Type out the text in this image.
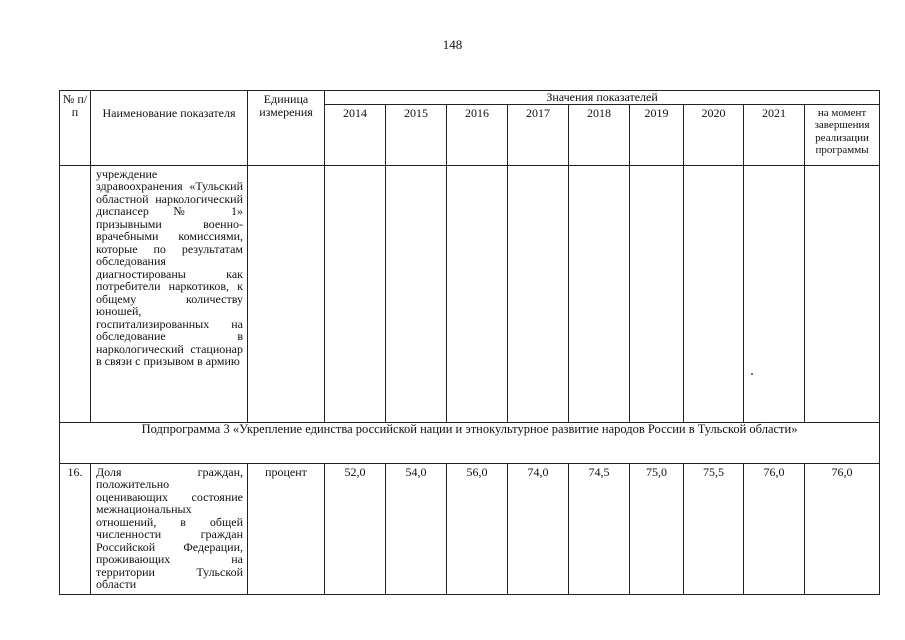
148
№ п/п	Наименование показателя	Единица измерения	Значения показателей									
			2014	2015	2016	2017	2018	2019	2020	2021	на момент завершения реализации программы	
	учреждение здравоохранения «Тульский областной наркологический диспансер № 1» призывными военно-врачебными комиссиями, которые по результатам обследования диагностированы как потребители наркотиков, к общему количеству юношей, госпитализированных на обследование в наркологический стационар в связи с призывом в армию											
Подпрограмма 3 «Укрепление единства российской нации и этнокультурное развитие народов России в Тульской области»												
16.	Доля граждан, положительно оценивающих состояние межнациональных отношений, в общей численности граждан Российской Федерации, проживающих на территории Тульской области	процент	52,0	54,0	56,0	74,0	74,5	75,0	75,5	76,0	76,0	
